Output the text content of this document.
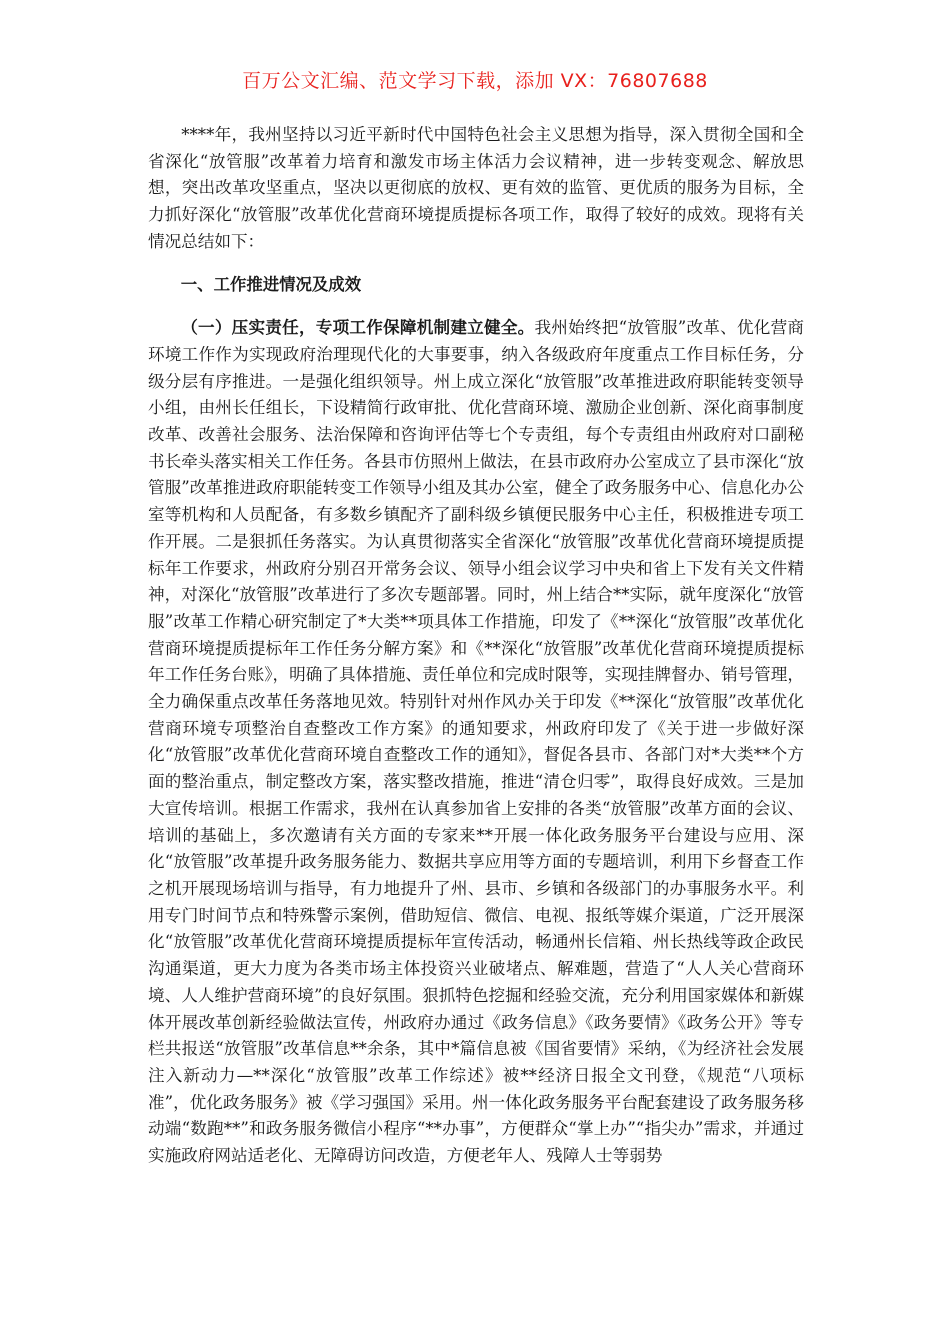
百万公文汇编、范文学习下载，添加 VX：76807688

****年，我州坚持以习近平新时代中国特色社会主义思想为指导，深入贯彻全国和全省深化“放管服”改革着力培育和激发市场主体活力会议精神，进一步转变观念、解放思想，突出改革攻坚重点，坚决以更彻底的放权、更有效的监管、更优质的服务为目标，全力抓好深化“放管服”改革优化营商环境提质提标各项工作，取得了较好的成效。现将有关情况总结如下：

一、工作推进情况及成效

（一）压实责任，专项工作保障机制建立健全。我州始终把“放管服”改革、优化营商环境工作作为实现政府治理现代化的大事要事，纳入各级政府年度重点工作目标任务，分级分层有序推进。一是强化组织领导。州上成立深化“放管服”改革推进政府职能转变领导小组，由州长任组长，下设精简行政审批、优化营商环境、激励企业创新、深化商事制度改革、改善社会服务、法治保障和咨询评估等七个专责组，每个专责组由州政府对口副秘书长牵头落实相关工作任务。各县市仿照州上做法，在县市政府办公室成立了县市深化“放管服”改革推进政府职能转变工作领导小组及其办公室，健全了政务服务中心、信息化办公室等机构和人员配备，有多数乡镇配齐了副科级乡镇便民服务中心主任，积极推进专项工作开展。二是狠抓任务落实。为认真贯彻落实全省深化“放管服”改革优化营商环境提质提标年工作要求，州政府分别召开常务会议、领导小组会议学习中央和省上下发有关文件精神，对深化“放管服”改革进行了多次专题部署。同时，州上结合**实际，就年度深化“放管服”改革工作精心研究制定了*大类**项具体工作措施，印发了《**深化“放管服”改革优化营商环境提质提标年工作任务分解方案》和《**深化“放管服”改革优化营商环境提质提标年工作任务台账》，明确了具体措施、责任单位和完成时限等，实现挂牌督办、销号管理，全力确保重点改革任务落地见效。特别针对州作风办关于印发《**深化“放管服”改革优化营商环境专项整治自查整改工作方案》的通知要求，州政府印发了《关于进一步做好深化“放管服”改革优化营商环境自查整改工作的通知》，督促各县市、各部门对*大类**个方面的整治重点，制定整改方案，落实整改措施，推进“清仓归零”，取得良好成效。三是加大宣传培训。根据工作需求，我州在认真参加省上安排的各类“放管服”改革方面的会议、培训的基础上，多次邀请有关方面的专家来**开展一体化政务服务平台建设与应用、深化“放管服”改革提升政务服务能力、数据共享应用等方面的专题培训，利用下乡督查工作之机开展现场培训与指导，有力地提升了州、县市、乡镇和各级部门的办事服务水平。利用专门时间节点和特殊警示案例，借助短信、微信、电视、报纸等媒介渠道，广泛开展深化“放管服”改革优化营商环境提质提标年宣传活动，畅通州长信箱、州长热线等政企政民沟通渠道，更大力度为各类市场主体投资兴业破堵点、解难题，营造了“人人关心营商环境、人人维护营商环境”的良好氛围。狠抓特色挖掘和经验交流，充分利用国家媒体和新媒体开展改革创新经验做法宣传，州政府办通过《政务信息》《政务要情》《政务公开》等专栏共报送“放管服”改革信息**余条，其中*篇信息被《国省要情》采纳，《为经济社会发展注入新动力—**深化“放管服”改革工作综述》被**经济日报全文刊登，《规范“八项标准”，优化政务服务》被《学习强国》采用。州一体化政务服务平台配套建设了政务服务移动端“数跑**”和政务服务微信小程序“**办事”，方便群众“掌上办”“指尖办”需求，并通过实施政府网站适老化、无障碍访问改造，方便老年人、残障人士等弱势
